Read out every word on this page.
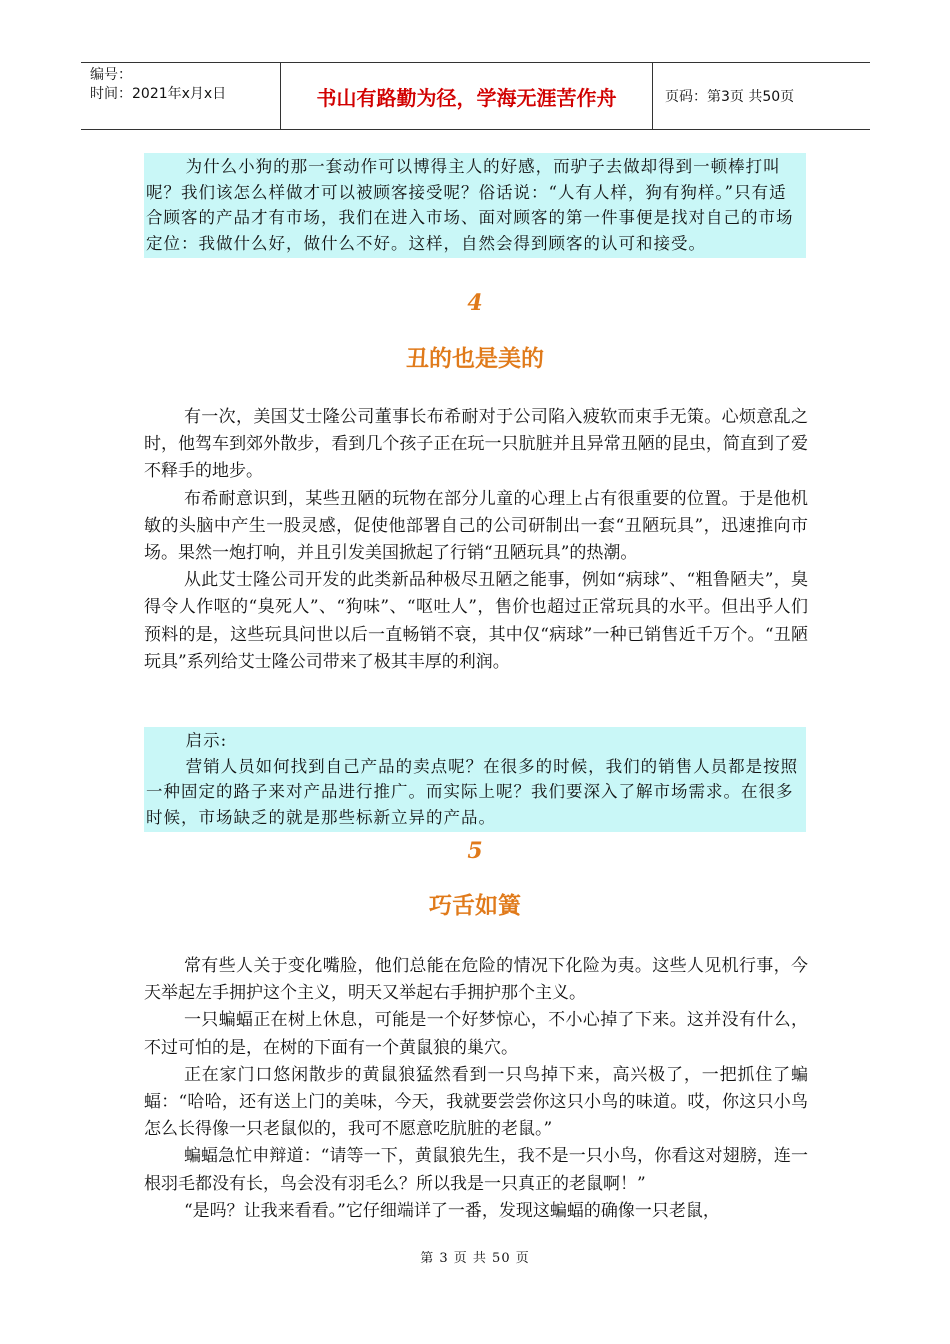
编号：
时间：2021年x月x日	书山有路勤为径，学海无涯苦作舟	页码：第3页 共50页

为什么小狗的那一套动作可以博得主人的好感，而驴子去做却得到一顿棒打叫呢？我们该怎么样做才可以被顾客接受呢？俗话说：“人有人样，狗有狗样。”只有适合顾客的产品才有市场，我们在进入市场、面对顾客的第一件事便是找对自己的市场定位：我做什么好，做什么不好。这样，自然会得到顾客的认可和接受。

4
丑的也是美的

有一次，美国艾士隆公司董事长布希耐对于公司陷入疲软而束手无策。心烦意乱之时，他驾车到郊外散步，看到几个孩子正在玩一只肮脏并且异常丑陋的昆虫，简直到了爱不释手的地步。

布希耐意识到，某些丑陋的玩物在部分儿童的心理上占有很重要的位置。于是他机敏的头脑中产生一股灵感，促使他部署自己的公司研制出一套“丑陋玩具”，迅速推向市场。果然一炮打响，并且引发美国掀起了行销“丑陋玩具”的热潮。

从此艾士隆公司开发的此类新品种极尽丑陋之能事，例如“病球”、“粗鲁陋夫”，臭得令人作呕的“臭死人”、“狗味”、“呕吐人”，售价也超过正常玩具的水平。但出乎人们预料的是，这些玩具问世以后一直畅销不衰，其中仅“病球”一种已销售近千万个。“丑陋玩具”系列给艾士隆公司带来了极其丰厚的利润。

启示:

营销人员如何找到自己产品的卖点呢？在很多的时候，我们的销售人员都是按照一种固定的路子来对产品进行推广。而实际上呢？我们要深入了解市场需求。在很多时候，市场缺乏的就是那些标新立异的产品。

5
巧舌如簧

常有些人关于变化嘴脸，他们总能在危险的情况下化险为夷。这些人见机行事，今天举起左手拥护这个主义，明天又举起右手拥护那个主义。

一只蝙蝠正在树上休息，可能是一个好梦惊心，不小心掉了下来。这并没有什么，不过可怕的是，在树的下面有一个黄鼠狼的巢穴。

正在家门口悠闲散步的黄鼠狼猛然看到一只鸟掉下来，高兴极了，一把抓住了蝙蝠：“哈哈，还有送上门的美味，今天，我就要尝尝你这只小鸟的味道。哎，你这只小鸟怎么长得像一只老鼠似的，我可不愿意吃肮脏的老鼠。”

蝙蝠急忙申辩道：“请等一下，黄鼠狼先生，我不是一只小鸟，你看这对翅膀，连一根羽毛都没有长，鸟会没有羽毛么？所以我是一只真正的老鼠啊！”

“是吗？让我来看看。”它仔细端详了一番，发现这蝙蝠的确像一只老鼠，

第 3 页 共 50 页
